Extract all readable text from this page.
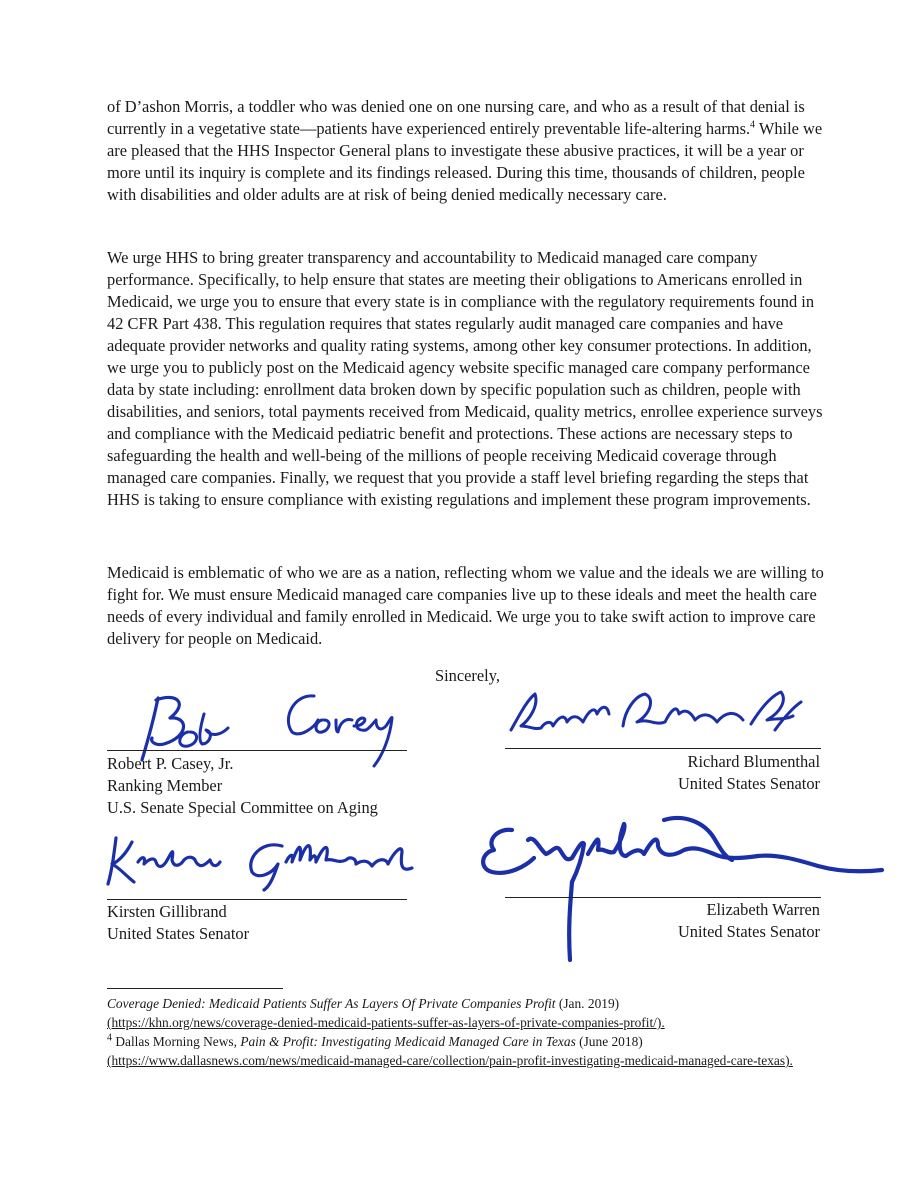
of D’ashon Morris, a toddler who was denied one on one nursing care, and who as a result of that denial is currently in a vegetative state—patients have experienced entirely preventable life-altering harms.$^4$ While we are pleased that the HHS Inspector General plans to investigate these abusive practices, it will be a year or more until its inquiry is complete and its findings released. During this time, thousands of children, people with disabilities and older adults are at risk of being denied medically necessary care.

We urge HHS to bring greater transparency and accountability to Medicaid managed care company performance. Specifically, to help ensure that states are meeting their obligations to Americans enrolled in Medicaid, we urge you to ensure that every state is in compliance with the regulatory requirements found in 42 CFR Part 438. This regulation requires that states regularly audit managed care companies and have adequate provider networks and quality rating systems, among other key consumer protections. In addition, we urge you to publicly post on the Medicaid agency website specific managed care company performance data by state including: enrollment data broken down by specific population such as children, people with disabilities, and seniors, total payments received from Medicaid, quality metrics, enrollee experience surveys and compliance with the Medicaid pediatric benefit and protections. These actions are necessary steps to safeguarding the health and well-being of the millions of people receiving Medicaid coverage through managed care companies. Finally, we request that you provide a staff level briefing regarding the steps that HHS is taking to ensure compliance with existing regulations and implement these program improvements.

Medicaid is emblematic of who we are as a nation, reflecting whom we value and the ideals we are willing to fight for. We must ensure Medicaid managed care companies live up to these ideals and meet the health care needs of every individual and family enrolled in Medicaid. We urge you to take swift action to improve care delivery for people on Medicaid.

Sincerely,
Robert P. Casey, Jr.
Ranking Member
U.S. Senate Special Committee on Aging
Richard Blumenthal
United States Senator
Kirsten Gillibrand
United States Senator
Elizabeth Warren
United States Senator
Coverage Denied: Medicaid Patients Suffer As Layers Of Private Companies Profit (Jan. 2019)
(https://khn.org/news/coverage-denied-medicaid-patients-suffer-as-layers-of-private-companies-profit/).
$^4$ Dallas Morning News, Pain & Profit: Investigating Medicaid Managed Care in Texas (June 2018)
(https://www.dallasnews.com/news/medicaid-managed-care/collection/pain-profit-investigating-medicaid-managed-care-texas).
